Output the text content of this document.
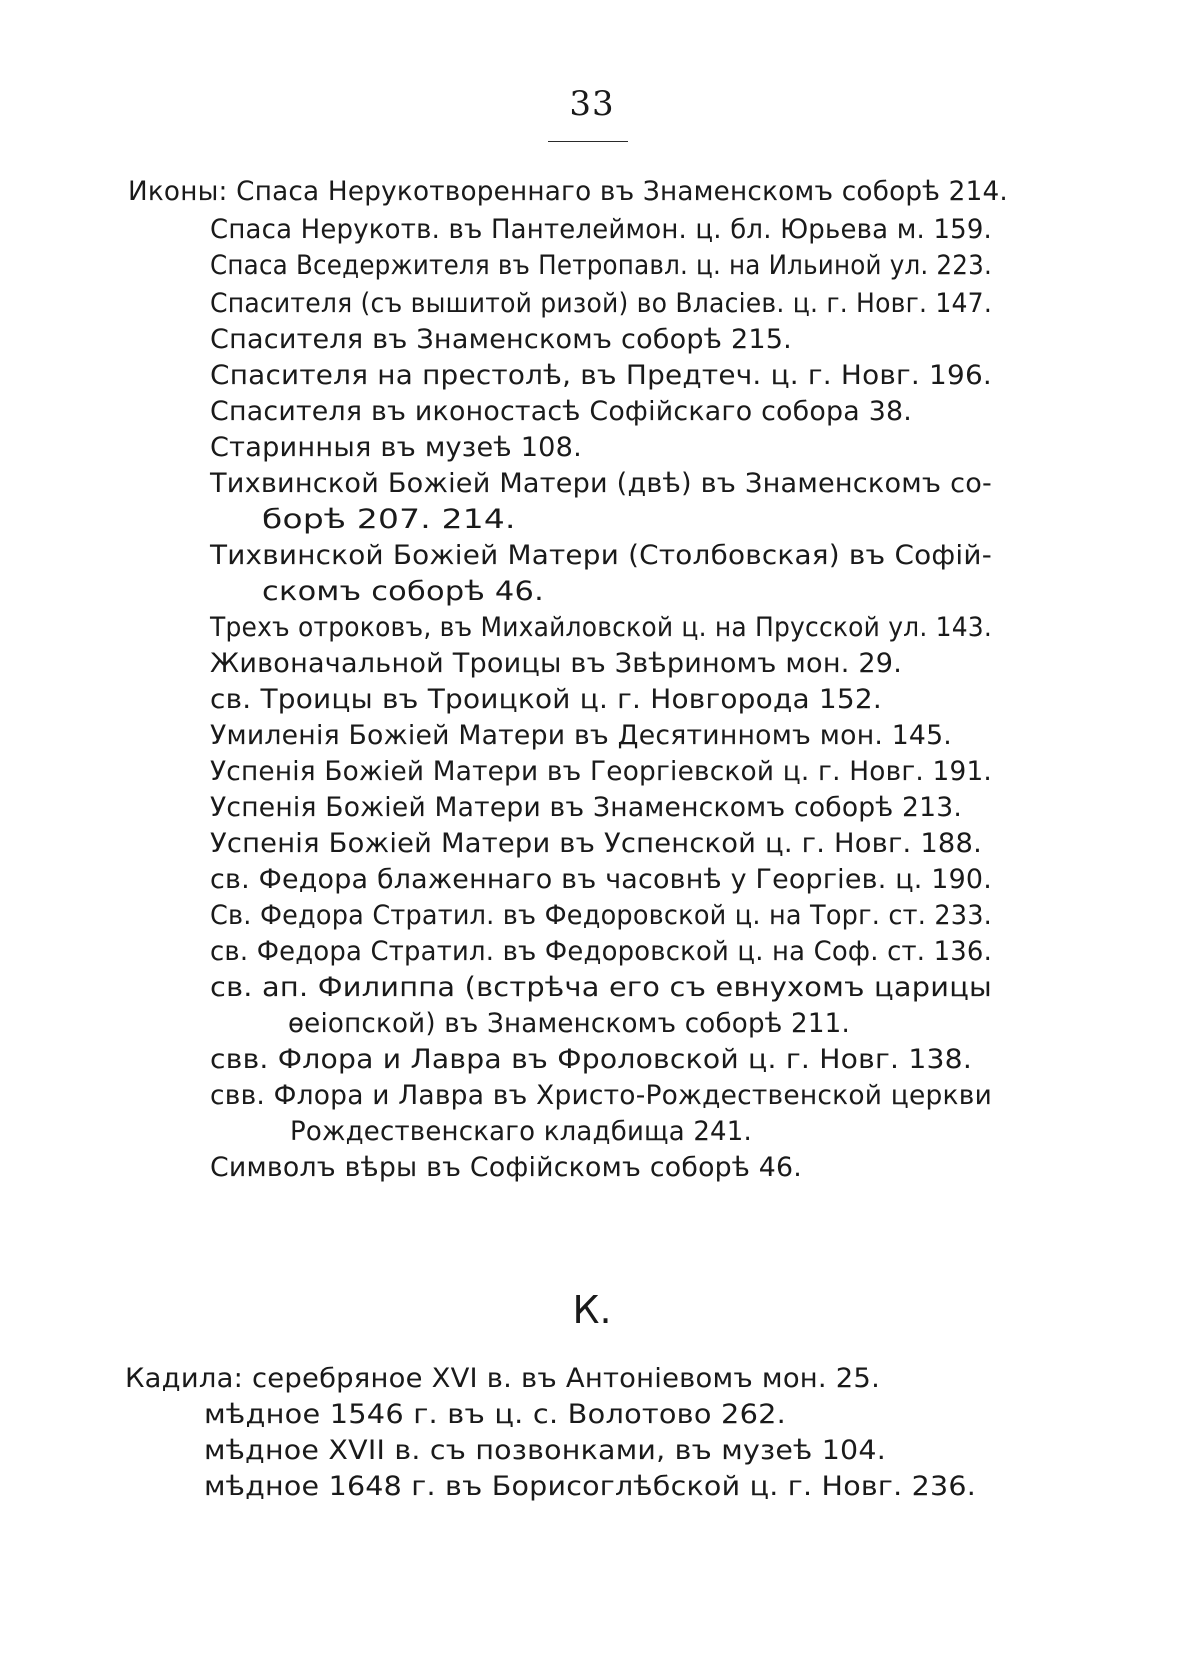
33
Иконы: Спаса Нерукотвореннаго въ Знаменскомъ соборѣ 214.
Спаса Нерукотв. въ Пантелеймон. ц. бл. Юрьева м. 159.
Спаса Вседержителя въ Петропавл. ц. на Ильиной ул. 223.
Спасителя (съ вышитой ризой) во Власіев. ц. г. Новг. 147.
Спасителя въ Знаменскомъ соборѣ 215.
Спасителя на престолѣ, въ Предтеч. ц. г. Новг. 196.
Спасителя въ иконостасѣ Софійскаго собора 38.
Старинныя въ музеѣ 108.
Тихвинской Божіей Матери (двѣ) въ Знаменскомъ со-
борѣ 207. 214.
Тихвинской Божіей Матери (Столбовская) въ Софій-
скомъ соборѣ 46.
Трехъ отроковъ, въ Михайловской ц. на Прусской ул. 143.
Живоначальной Троицы въ Звѣриномъ мон. 29.
св. Троицы въ Троицкой ц. г. Новгорода 152.
Умиленія Божіей Матери въ Десятинномъ мон. 145.
Успенія Божіей Матери въ Георгіевской ц. г. Новг. 191.
Успенія Божіей Матери въ Знаменскомъ соборѣ 213.
Успенія Божіей Матери въ Успенской ц. г. Новг. 188.
св. Федора блаженнаго въ часовнѣ у Георгіев. ц. 190.
Св. Федора Стратил. въ Федоровской ц. на Торг. ст. 233.
св. Федора Стратил. въ Федоровской ц. на Соф. ст. 136.
св. ап. Филиппа (встрѣча его съ евнухомъ царицы
ѳеіопской) въ Знаменскомъ соборѣ 211.
свв. Флора и Лавра въ Фроловской ц. г. Новг. 138.
свв. Флора и Лавра въ Христо-Рождественской церкви
Рождественскаго кладбища 241.
Символъ вѣры въ Софійскомъ соборѣ 46.
К.
Кадила: серебряное XVI в. въ Антоніевомъ мон. 25.
мѣдное 1546 г. въ ц. с. Волотово 262.
мѣдное XVII в. съ позвонками, въ музеѣ 104.
мѣдное 1648 г. въ Борисоглѣбской ц. г. Новг. 236.
